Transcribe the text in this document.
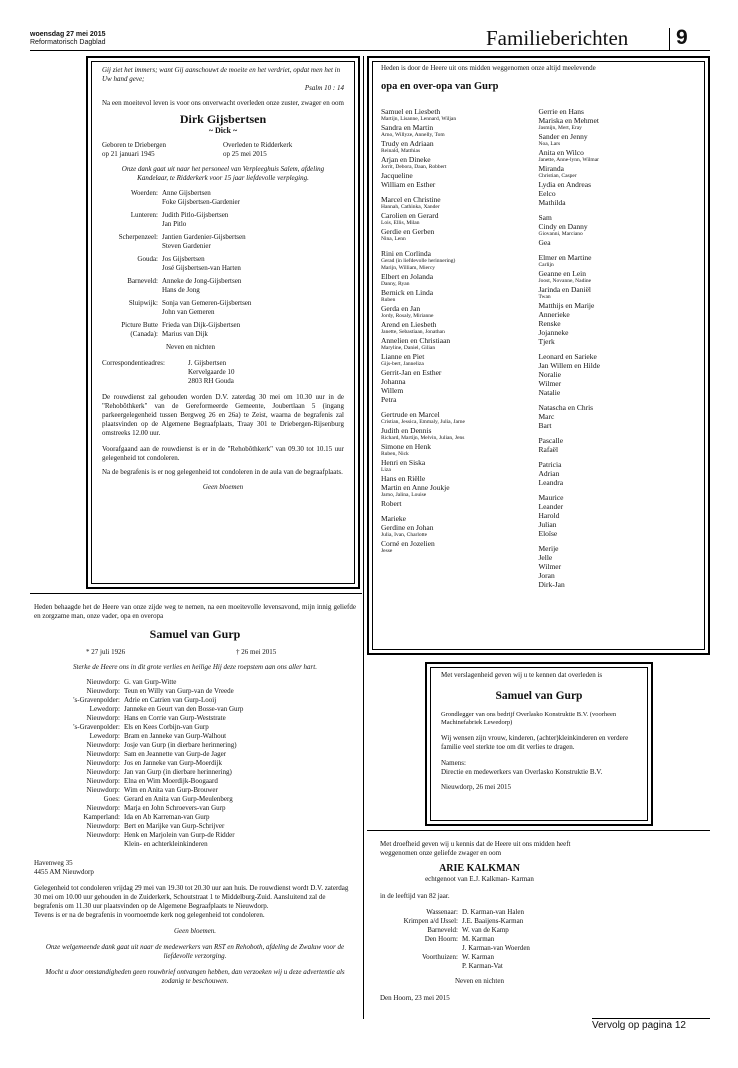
woensdag 27 mei 2015
Reformatorisch Dagblad	Familieberichten 9

Gij ziet het immers; want Gij aanschouwt de moeite en het verdriet, opdat men het in Uw hand geve;

Psalm 10 : 14

Na een moeitevol leven is voor ons onverwacht overleden onze zuster, zwager en oom

Dirk Gijsbertsen

~ Dick ~

Geboren te Driebergen

op 21 januari 1945

Overleden te Ridderkerk

op 25 mei 2015

Onze dank gaat uit naar het personeel van Verpleeghuis Salem, afdeling Kandelaar, te Ridderkerk voor 15 jaar liefdevolle verpleging.

Woerden: Anne Gijsbertsen

Foke Gijsbertsen-Gardenier

Lunteren: Judith Pitlo-Gijsbertsen

Jan Pitlo

Scherpenzeel: Jantien Gardenier-Gijsbertsen

Steven Gardenier

Gouda: Jos Gijsbertsen

José Gijsbertsen-van Harten

Barneveld: Anneke de Jong-Gijsbertsen

Hans de Jong

Sluipwijk: Sonja van Gemeren-Gijsbertsen

John van Gemeren

Picture Butte (Canada):

Frieda van Dijk-Gijsbertsen

Marius van Dijk

Neven en nichten

Correspondentieadres:	J. Gijsbertsen

Kervelgaarde 10

2803 RH Gouda

De rouwdienst zal gehouden worden D.V. zaterdag 30 mei om 10.30 uur in de "Rehobôthkerk" van de Gereformeerde Gemeente, Joubertlaan 5 (ingang parkeergelegenheid tussen Bergweg 26 en 26a) te Zeist, waarna de begrafenis zal plaatsvinden op de Algemene Begraafplaats, Traay 301 te Driebergen-Rijsenburg omstreeks 12.00 uur.

Voorafgaand aan de rouwdienst is er in de "Rehobôthkerk" van 09.30 tot 10.15 uur gelegenheid tot condoleren.

Na de begrafenis is er nog gelegenheid tot condoleren in de aula van de begraafplaats.

Geen bloemen

Heden is door de Heere uit ons midden weggenomen onze altijd meelevende

opa en over-opa van Gurp

Samuel en Liesbeth
Martijn, Lisanne, Lennard, Wiljan
Sandra en Martin
Arno, Willyze, Annelly, Tom
Trudy en Adriaan
Reinald, Matthias
Arjan en Dineke
Jorrit, Debora, Daan, Robbert
Jacqueline
William en Esther
Marcel en Christine
Hannah, Cathinka, Xander
Carolien en Gerard
Lois, Ellis, Milan
Gerdie en Gerben
Nina, Lenn
Rini en Corlinda
Gerad (in liefdevolle herinnering)
Marijn, William, Miercy
Elbert en Jolanda
Danny, Ryan
Bernick en Linda
Ruben
Gerda en Jan
Jordy, Rosaly, Mirianne
Arend en Liesbeth
Janette, Sebastiaan, Jonathan
Annelien en Christiaan
Maryline, Daniel, Gilian
Lianne en Piet
Gijs-bert, Janneliza
Gerrit-Jan en Esther
Johanna
Willem
Petra
Gertrude en Marcel
Cristian, Jessica, Emmaly, Julia, Jarne
Judith en Dennis
Richard, Martijn, Melvin, Julian, Jens
Simone en Henk
Ruben, Nick
Henri en Siska
Liza
Hans en Riëlle
Martin en Anne Joukje
Jarno, Jalina, Louise
Robert
Marieke
Gerdine en Johan
Julia, Ivan, Charlotte
Corné en Jozelien
Jesse
Gerrie en Hans
Mariska en Mehmet
Jasmijn, Mert, Eray
Sander en Jenny
Noa, Lars
Anita en Wilco
Janette, Anne-lynn, Wilmar
Miranda
Christian, Casper
Lydia en Andreas
Eelco
Mathilda
Sam
Cindy en Danny
Giovanni, Marciano
Gea
Elmer en Martine
Carlijn
Geanne en Lein
Joost, Novanne, Nadine
Jarinda en Daniël
Twan
Matthijs en Marije
Annerieke
Renske
Jojanneke
Tjerk
Leonard en Sarieke
Jan Willem en Hilde
Noralie
Wilmer
Natalie
Natascha en Chris
Marc
Bart
Pascalle
Rafaël
Patricia
Adrian
Leandra
Maurice
Leander
Harold
Julian
Eloïse
Merije
Jelle
Wilmer
Joran
Dirk-Jan

Heden behaagde het de Heere van onze zijde weg te nemen, na een moeitevolle levensavond, mijn innig geliefde en zorgzame man, onze vader, opa en overopa

Samuel van Gurp

* 27 juli 1926	† 26 mei 2015

Sterke de Heere ons in dit grote verlies en heilige Hij deze roepstem aan ons aller hart.

Nieuwdorp: G. van Gurp-Witte
Nieuwdorp: Teun en Willy van Gurp-van de Vreede
's-Gravenpolder: Adrie en Catrien van Gurp-Looij
Lewedorp: Janneke en Geurt van den Bosse-van Gurp
Nieuwdorp: Hans en Corrie van Gurp-Weststrate
's-Gravenpolder: Els en Kees Corbijn-van Gurp
Lewedorp: Bram en Janneke van Gurp-Walhout
Nieuwdorp: Josje van Gurp (in dierbare herinnering)
Nieuwdorp: Sam en Jeannette van Gurp-de Jager
Nieuwdorp: Jos en Janneke van Gurp-Moerdijk
Nieuwdorp: Jan van Gurp (in dierbare herinnering)
Nieuwdorp: Elna en Wim Moerdijk-Boogaard
Nieuwdorp: Wim en Anita van Gurp-Brouwer
Goes: Gerard en Anita van Gurp-Meulenberg
Nieuwdorp: Marja en John Schroevers-van Gurp
Kamperland: Ida en Ab Karreman-van Gurp
Nieuwdorp: Bert en Marijke van Gurp-Schrijver
Nieuwdorp: Henk en Marjolein van Gurp-de Ridder
Klein- en achterkleinkinderen

Havenweg 35

4455 AM Nieuwdorp

Gelegenheid tot condoleren vrijdag 29 mei van 19.30 tot 20.30 uur aan huis. De rouwdienst wordt D.V. zaterdag 30 mei om 10.00 uur gehouden in de Zuiderkerk, Schoutstraat 1 te Middelburg-Zuid. Aansluitend zal de begrafenis om 11.30 uur plaatsvinden op de Algemene Begraafplaats te Nieuwdorp.

Tevens is er na de begrafenis in voornoemde kerk nog gelegenheid tot condoleren.

Geen bloemen.

Onze welgemeende dank gaat uit naar de medewerkers van RST en Rehoboth, afdeling de Zwaluw voor de liefdevolle verzorging.

Mocht u door omstandigheden geen rouwbrief ontvangen hebben, dan verzoeken wij u deze advertentie als zodanig te beschouwen.

Met verslagenheid geven wij u te kennen dat overleden is

Samuel van Gurp

Grondlegger van ons bedrijf Overlasko Konstruktie B.V. (voorheen Machinefabriek Lewedorp)

Wij wensen zijn vrouw, kinderen, (achter)kleinkinderen en verdere familie veel sterkte toe om dit verlies te dragen.

Namens:

Directie en medewerkers van Overlasko Konstruktie B.V.

Nieuwdorp, 26 mei 2015

Met droefheid geven wij u kennis dat de Heere uit ons midden heeft weggenomen onze geliefde zwager en oom

ARIE KALKMAN

echtgenoot van E.J. Kalkman- Karman

in de leeftijd van 82 jaar.

Wassenaar: D. Karman-van Halen
Krimpen a/d IJssel: J.E. Baaijens-Karman
Barneveld: W. van de Kamp
Den Hoorn: M. Karman
J. Karman-van Woerden
Voorthuizen: W. Karman
P. Karman-Vat

Neven en nichten

Den Hoorn, 23 mei 2015

Vervolg op pagina 12
